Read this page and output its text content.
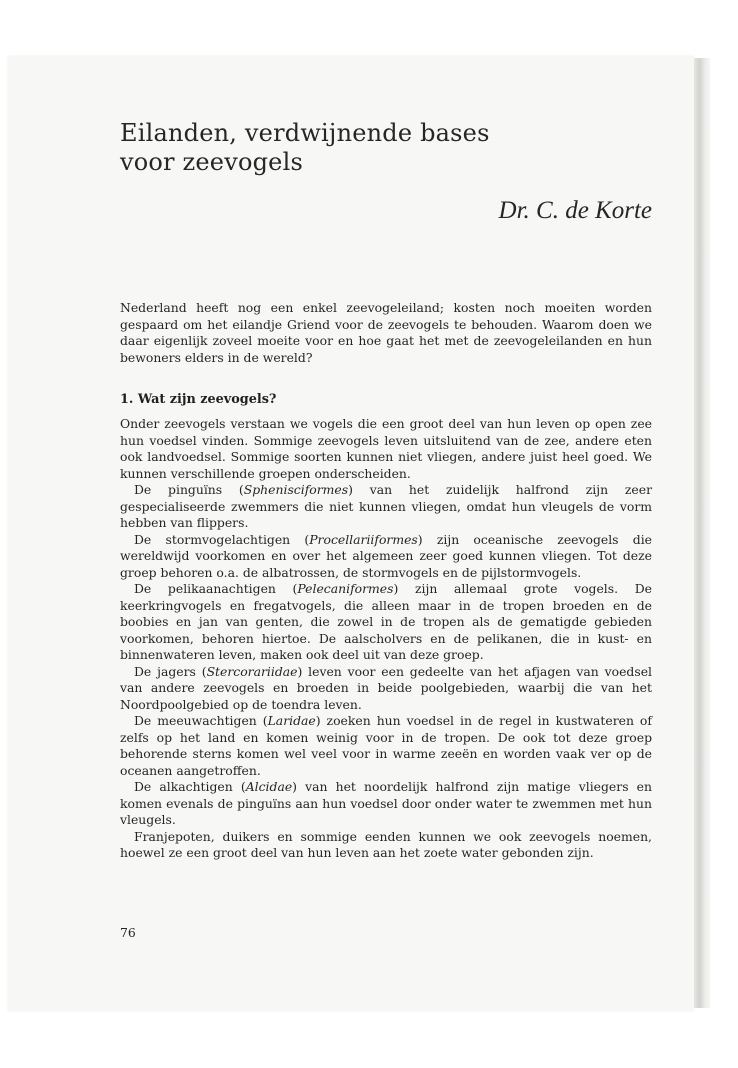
Eilanden, verdwijnende bases
voor zeevogels
Dr. C. de Korte
Nederland heeft nog een enkel zeevogeleiland; kosten noch moeiten worden gespaard om het eilandje Griend voor de zeevogels te behouden. Waarom doen we daar eigenlijk zoveel moeite voor en hoe gaat het met de zeevogeleilanden en hun bewoners elders in de wereld?
1. Wat zijn zeevogels?

Onder zeevogels verstaan we vogels die een groot deel van hun leven op open zee hun voedsel vinden. Sommige zeevogels leven uitsluitend van de zee, andere eten ook landvoedsel. Sommige soorten kunnen niet vliegen, andere juist heel goed. We kunnen verschillende groepen onderscheiden.

De pinguïns (Sphenisciformes) van het zuidelijk halfrond zijn zeer gespecialiseerde zwemmers die niet kunnen vliegen, omdat hun vleugels de vorm hebben van flippers.

De stormvogelachtigen (Procellariiformes) zijn oceanische zeevogels die wereldwijd voorkomen en over het algemeen zeer goed kunnen vliegen. Tot deze groep behoren o.a. de albatrossen, de stormvogels en de pijlstormvogels.

De pelikaanachtigen (Pelecaniformes) zijn allemaal grote vogels. De keerkringvogels en fregatvogels, die alleen maar in de tropen broeden en de boobies en jan van genten, die zowel in de tropen als de gematigde gebieden voorkomen, behoren hiertoe. De aalscholvers en de pelikanen, die in kust- en binnenwateren leven, maken ook deel uit van deze groep.

De jagers (Stercorariidae) leven voor een gedeelte van het afjagen van voedsel van andere zeevogels en broeden in beide poolgebieden, waarbij die van het Noordpoolgebied op de toendra leven.

De meeuwachtigen (Laridae) zoeken hun voedsel in de regel in kustwateren of zelfs op het land en komen weinig voor in de tropen. De ook tot deze groep behorende sterns komen wel veel voor in warme zeeën en worden vaak ver op de oceanen aangetroffen.

De alkachtigen (Alcidae) van het noordelijk halfrond zijn matige vliegers en komen evenals de pinguïns aan hun voedsel door onder water te zwemmen met hun vleugels.

Franjepoten, duikers en sommige eenden kunnen we ook zeevogels noemen, hoewel ze een groot deel van hun leven aan het zoete water gebonden zijn.

76
